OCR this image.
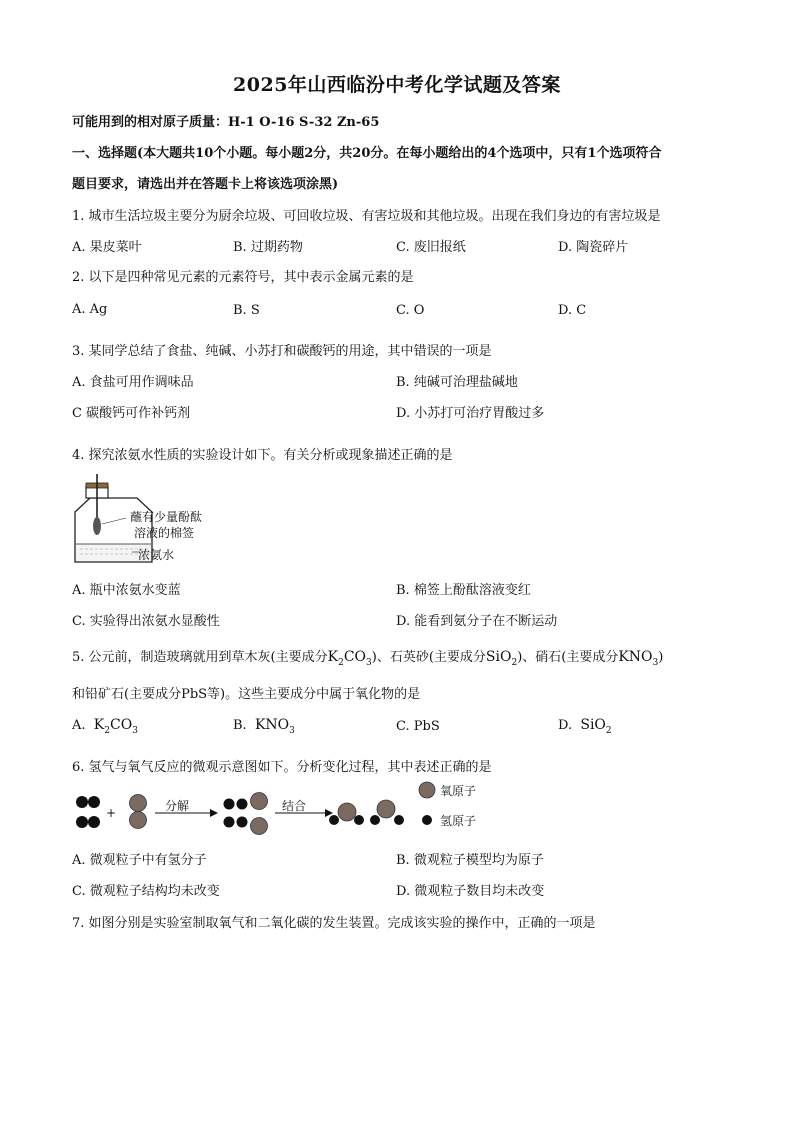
2025年山西临汾中考化学试题及答案
可能用到的相对原子质量：H-1 O-16 S-32 Zn-65
一、选择题(本大题共10个小题。每小题2分，共20分。在每小题给出的4个选项中，只有1个选项符合
题目要求，请选出并在答题卡上将该选项涂黑)
1. 城市生活垃圾主要分为厨余垃圾、可回收垃圾、有害垃圾和其他垃圾。出现在我们身边的有害垃圾是
A. 果皮菜叶	B. 过期药物	C. 废旧报纸	D. 陶瓷碎片
2. 以下是四种常见元素的元素符号，其中表示金属元素的是
A. Ag	B. S	C. O	D. C
3. 某同学总结了食盐、纯碱、小苏打和碳酸钙的用途，其中错误的一项是
A. 食盐可用作调味品	B. 纯碱可治理盐碱地
C 碳酸钙可作补钙剂	D. 小苏打可治疗胃酸过多
4. 探究浓氨水性质的实验设计如下。有关分析或现象描述正确的是
蘸有少量酚酞
溶液的棉签
浓氨水
A. 瓶中浓氨水变蓝	B. 棉签上酚酞溶液变红
C. 实验得出浓氨水显酸性	D. 能看到氨分子在不断运动
5. 公元前，制造玻璃就用到草木灰(主要成分$K_2CO_3$)、石英砂(主要成分SiO$_2$)、硝石(主要成分$KNO_3$)
和铅矿石(主要成分PbS等)。这些主要成分中属于氧化物的是
A. $K_2CO_3$	B. $KNO_3$	C. PbS	D. SiO$_2$
6. 氢气与氧气反应的微观示意图如下。分析变化过程，其中表述正确的是
+	分解	结合
氧原子
氢原子
A. 微观粒子中有氢分子	B. 微观粒子模型均为原子
C. 微观粒子结构均未改变	D. 微观粒子数目均未改变
7. 如图分别是实验室制取氧气和二氧化碳的发生装置。完成该实验的操作中，正确的一项是
